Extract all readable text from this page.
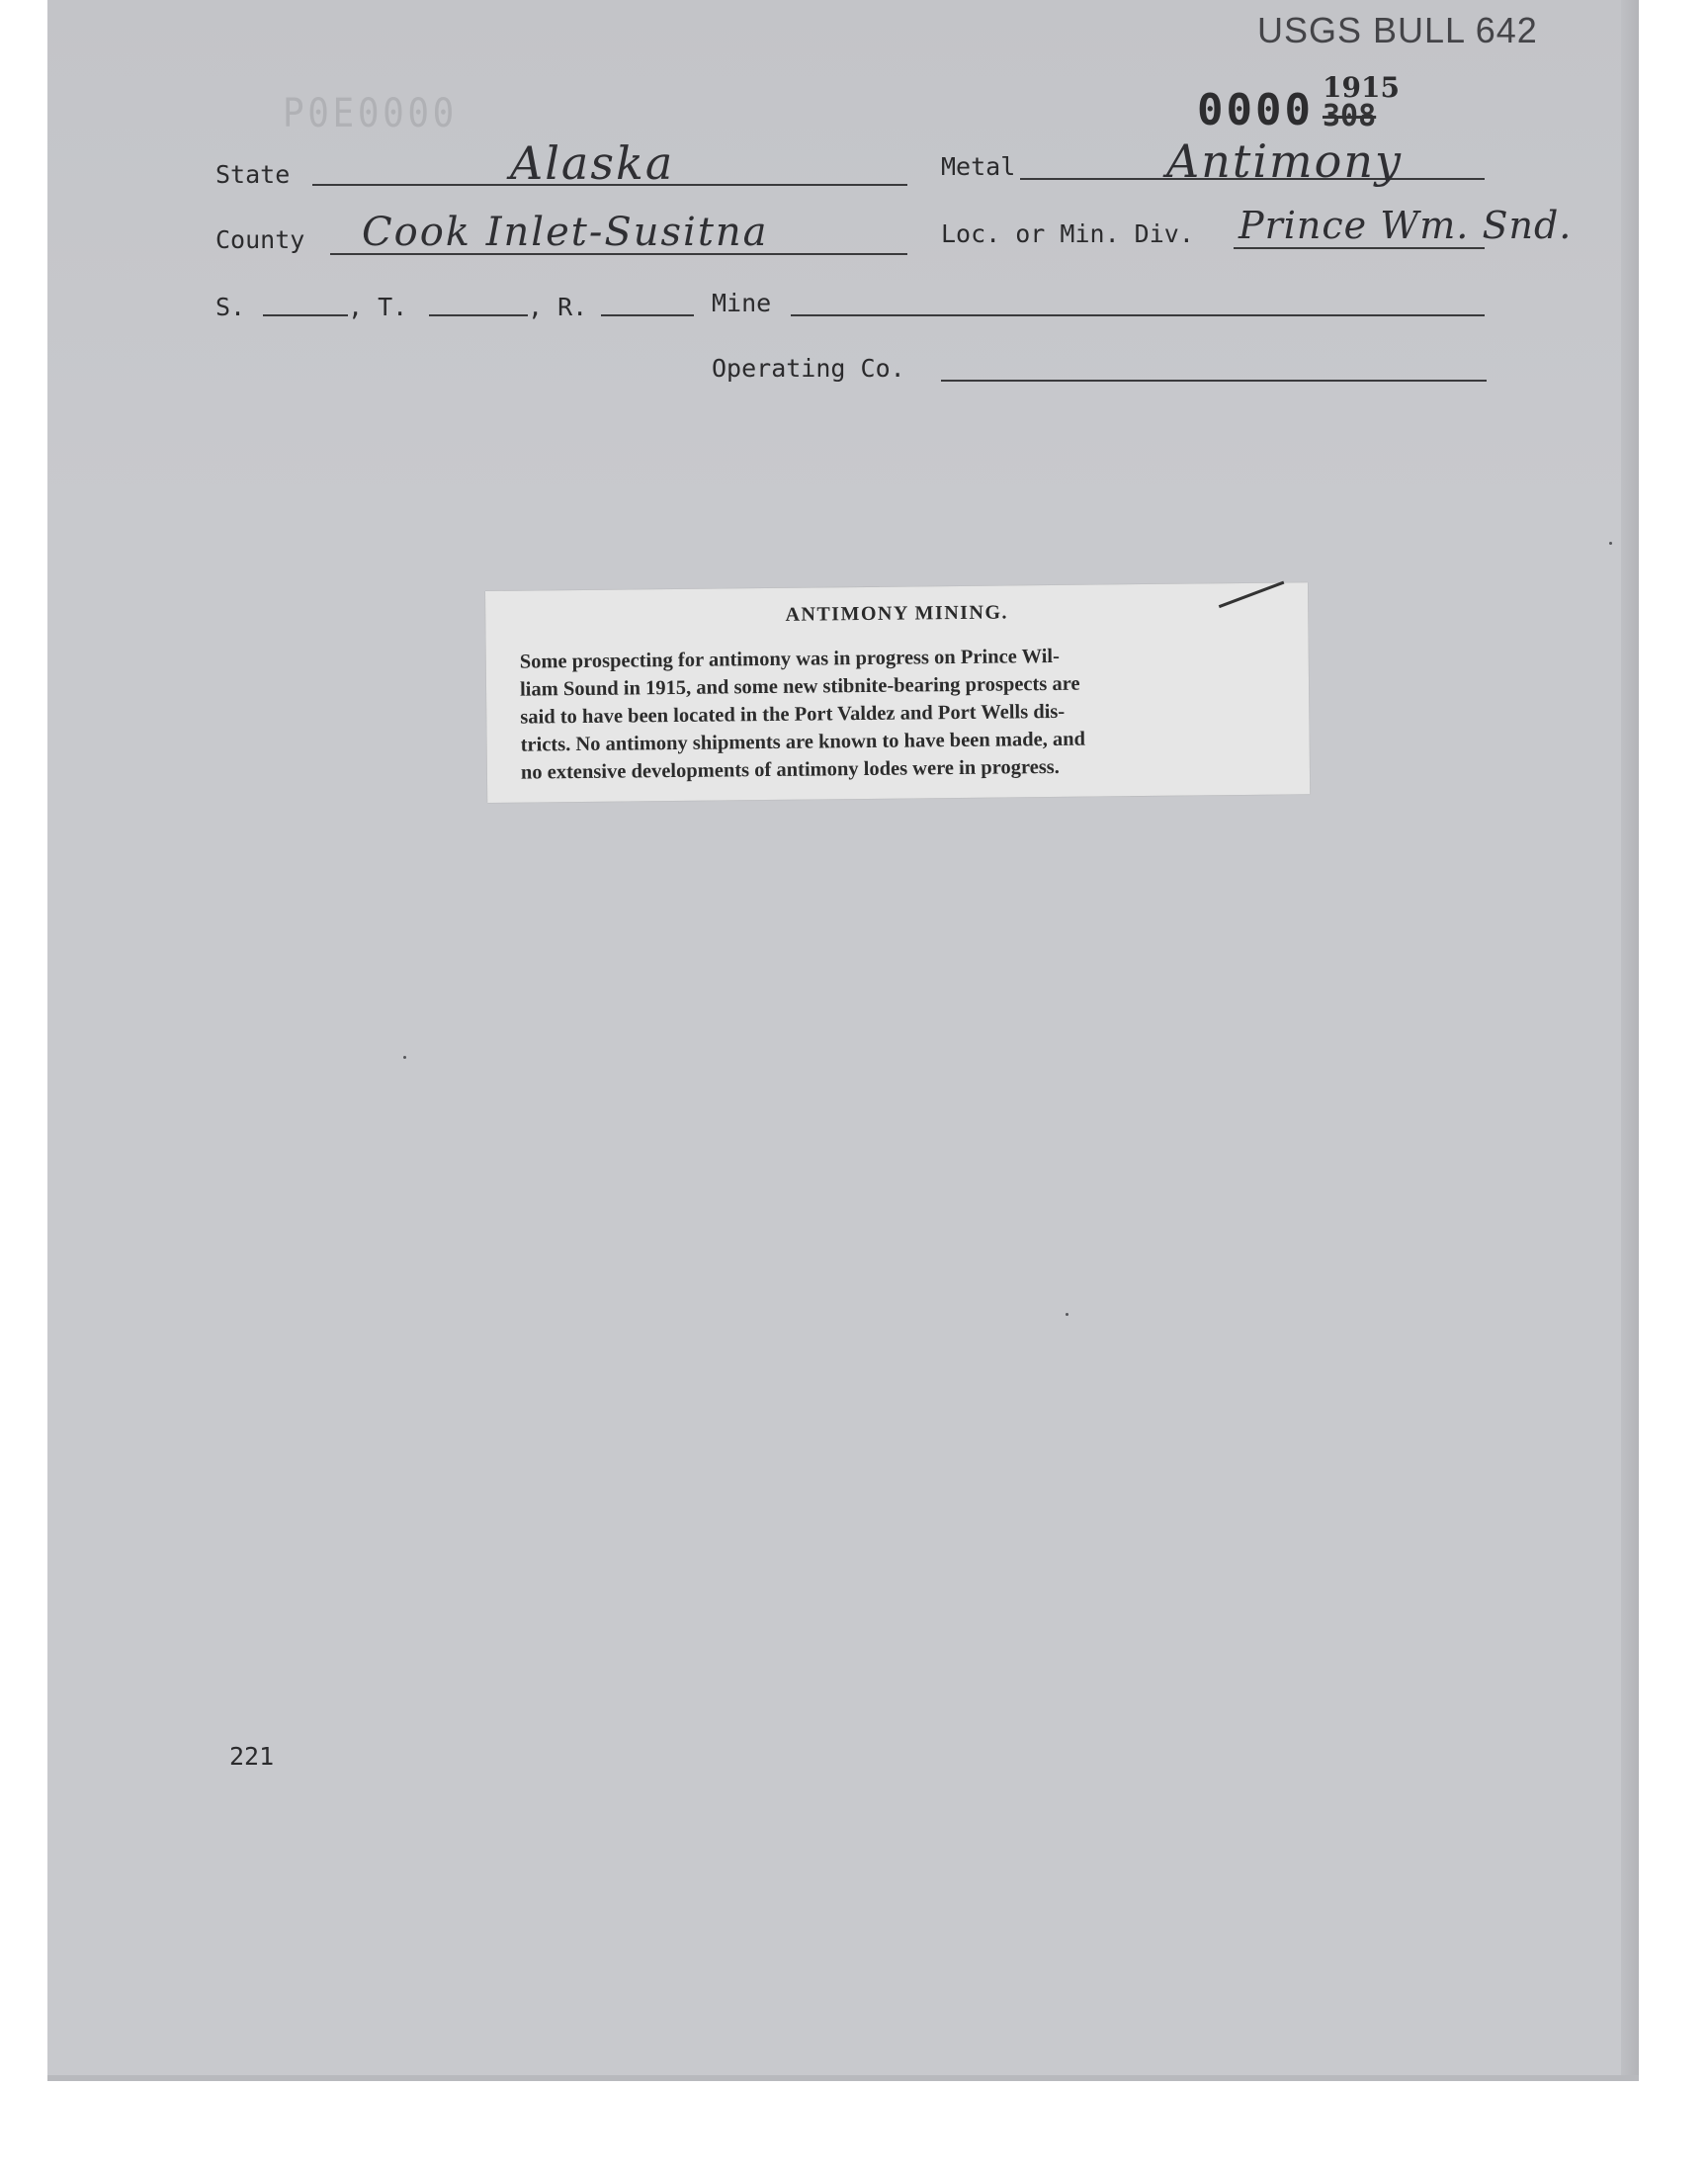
USGS BULL 642
P0E0000	0000 308
1915
State	Alaska	Metal	Antimony
County Cook Inlet-Susitna	Loc. or Min. Div. Prince Wm. Snd.
S.	, T.	, R.	Mine
Operating Co.
ANTIMONY MINING.
Some prospecting for antimony was in progress on Prince Wil-
liam Sound in 1915, and some new stibnite-bearing prospects are
said to have been located in the Port Valdez and Port Wells dis-
tricts. No antimony shipments are known to have been made, and
no extensive developments of antimony lodes were in progress.
221
